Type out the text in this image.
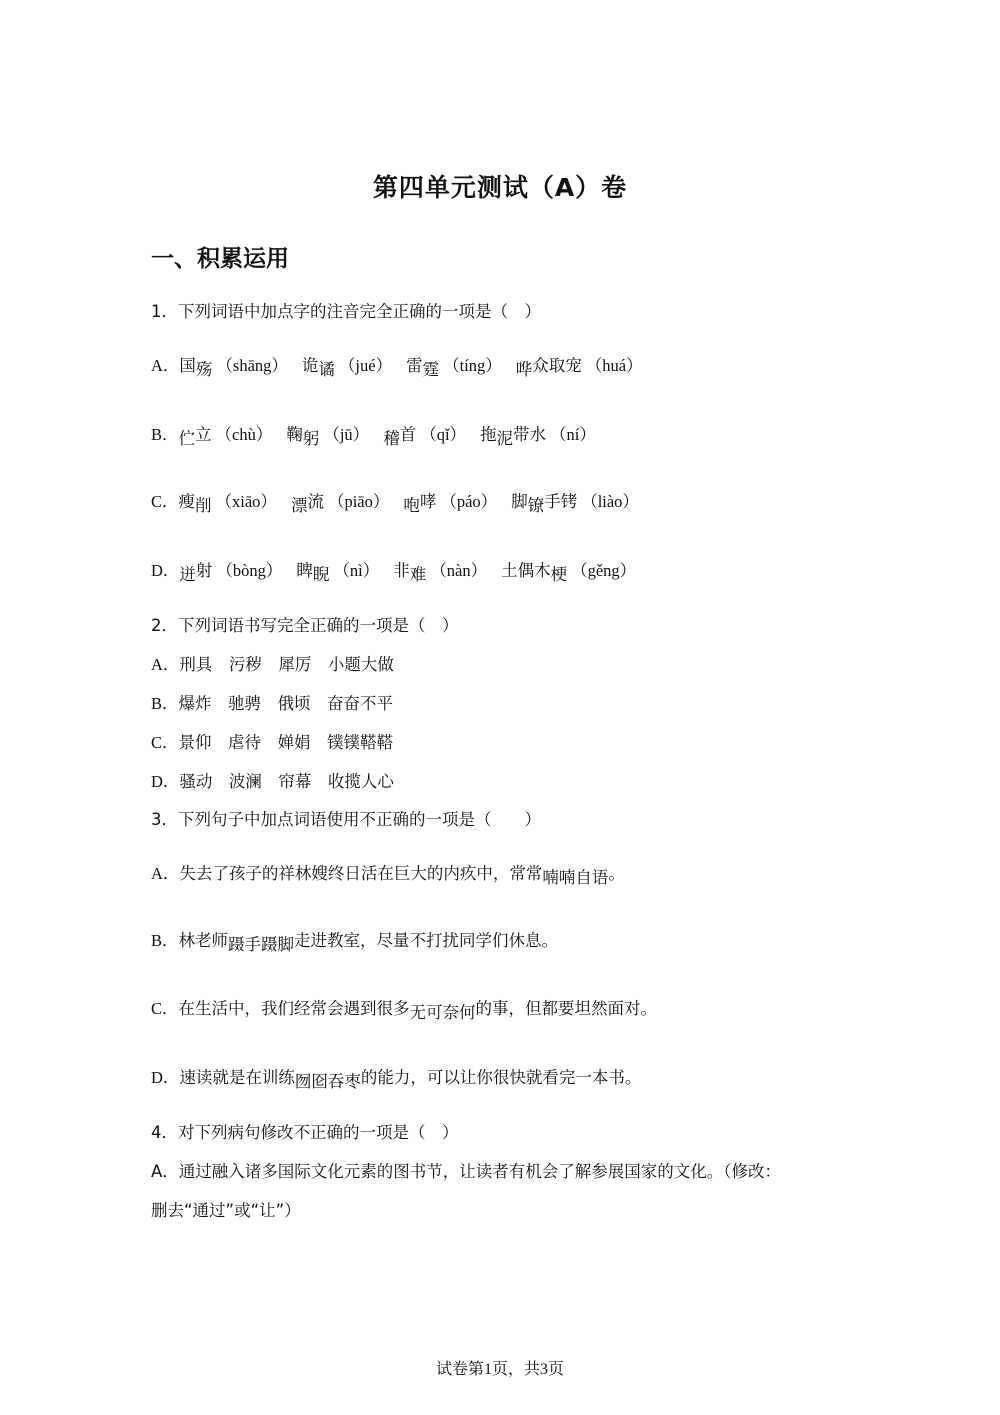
第四单元测试（A）卷
一、积累运用
1．下列词语中加点字的注音完全正确的一项是（　）
A．国殇 （shāng） 诡谲 （jué） 雷霆 （tíng） 哗众取宠 （huá）
B．伫立 （chù） 鞠躬 （jū） 稽首 （qǐ） 拖泥带水 （ní）
C．瘦削 （xiāo） 漂流 （piāo） 咆哮 （páo） 脚镣手铐 （liào）
D．迸射 （bòng） 睥睨 （nì） 非难 （nàn） 土偶木梗 （gěng）
2．下列词语书写完全正确的一项是（　）
A．刑具　污秽　犀厉　小题大做
B．爆炸　驰骋　俄顷　奋奋不平
C．景仰　虐待　婵娟　镤镤鞳鞳
D．骚动　波澜　帘幕　收揽人心
3．下列句子中加点词语使用不正确的一项是（　　）
A．失去了孩子的祥林嫂终日活在巨大的内疚中，常常喃喃自语。
B．林老师蹑手蹑脚走进教室，尽量不打扰同学们休息。
C．在生活中，我们经常会遇到很多无可奈何的事，但都要坦然面对。
D．速读就是在训练囫囵吞枣的能力，可以让你很快就看完一本书。
4．对下列病句修改不正确的一项是（　）
A．通过融入诸多国际文化元素的图书节，让读者有机会了解参展国家的文化。（修改：
删去“通过”或“让”）
试卷第1页，共3页
